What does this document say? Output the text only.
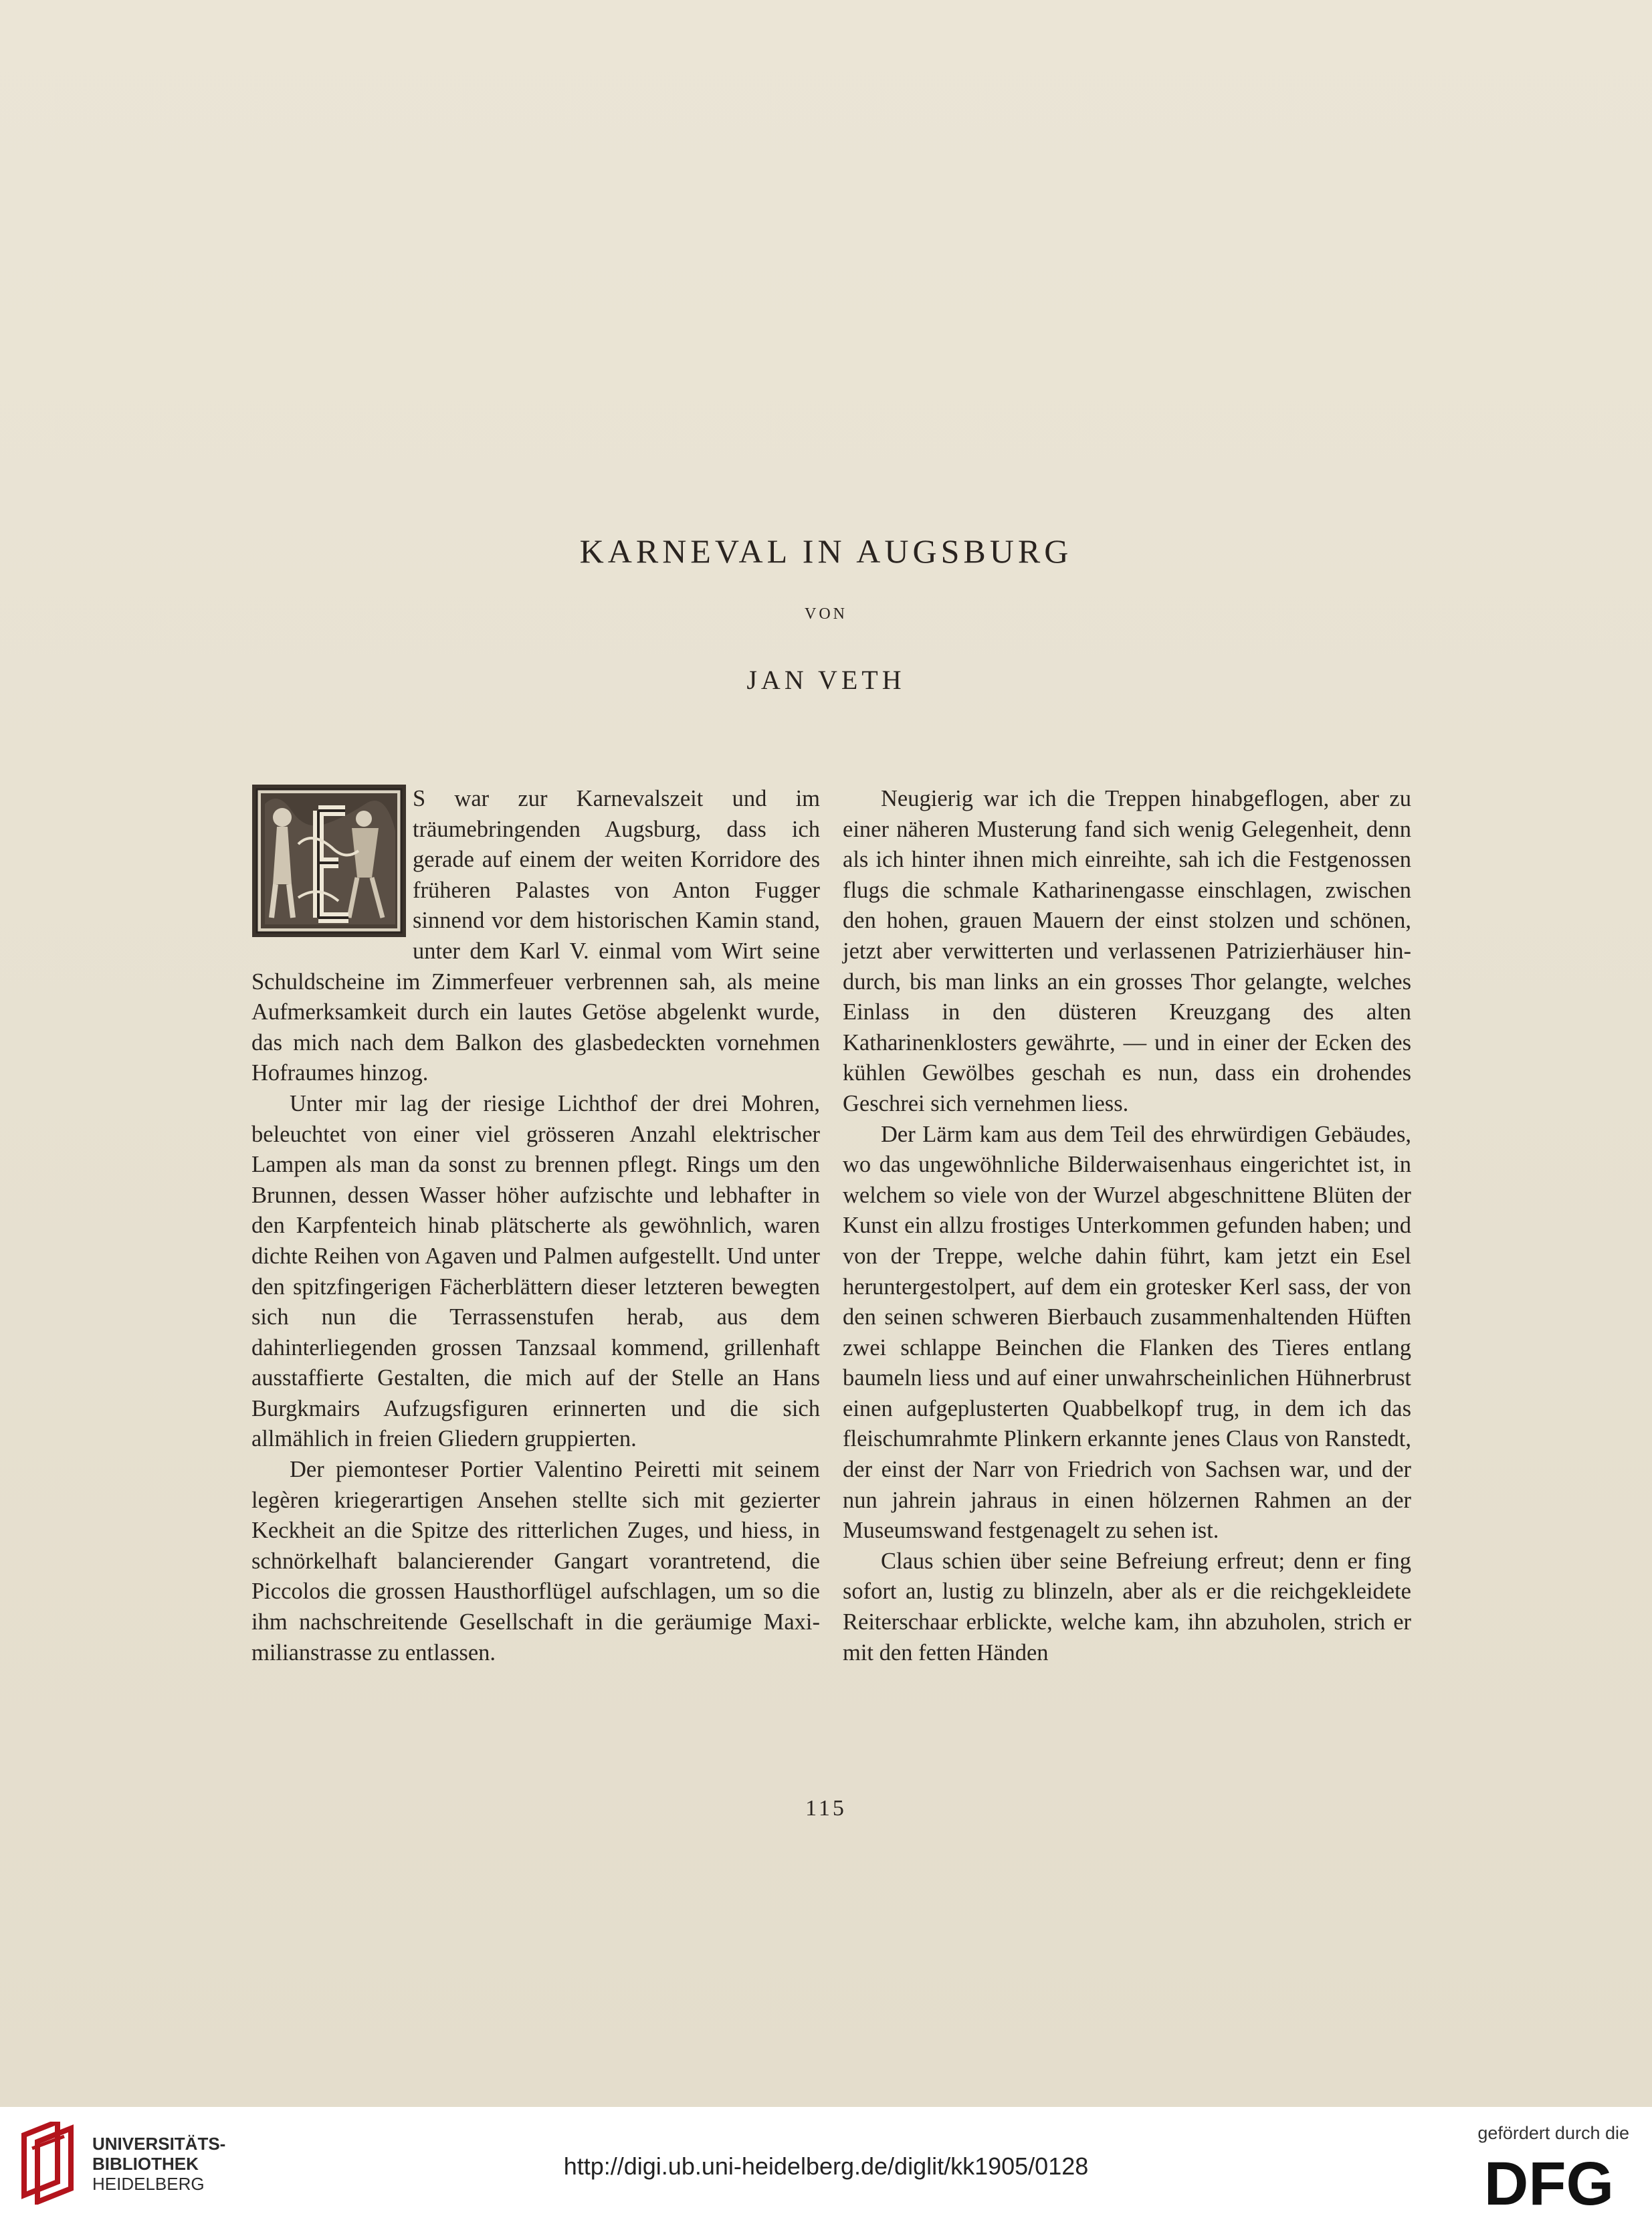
KARNEVAL IN AUGSBURG
VON
JAN VETH

S war zur Karnevalszeit und im träumebringenden Augsburg, dass ich gerade auf einem der weiten Korridore des früheren Palastes von Anton Fugger sinnend vor dem historischen Kamin stand, unter dem Karl V. einmal vom Wirt seine Schuldscheine im Zimmerfeuer verbrennen sah, als meine Aufmerksamkeit durch ein lautes Getöse abgelenkt wurde, das mich nach dem Balkon des glasbedeckten vornehmen Hofraumes hinzog.

Unter mir lag der riesige Lichthof der drei Mohren, beleuchtet von einer viel grösseren Anzahl elektrischer Lampen als man da sonst zu brennen pflegt. Rings um den Brunnen, dessen Wasser höher aufzischte und lebhafter in den Karpfenteich hinab plätscherte als gewöhnlich, waren dichte Reihen von Agaven und Palmen aufgestellt. Und unter den spitzfingerigen Fächerblättern dieser letzteren bewegten sich nun die Terrassenstufen herab, aus dem dahinterliegenden grossen Tanzsaal kommend, grillenhaft ausstaffierte Gestalten, die mich auf der Stelle an Hans Burgkmairs Aufzugsfiguren erinnerten und die sich allmählich in freien Gliedern gruppierten.

Der piemonteser Portier Valentino Peiretti mit seinem legèren kriegerartigen Ansehen stellte sich mit gezierter Keckheit an die Spitze des ritterlichen Zuges, und hiess, in schnörkelhaft balancierender Gangart vorantretend, die Piccolos die grossen Hausthorflügel aufschlagen, um so die ihm nachschreitende Gesellschaft in die geräumige Maximilianstrasse zu entlassen.

Neugierig war ich die Treppen hinabgeflogen, aber zu einer näheren Musterung fand sich wenig Gelegenheit, denn als ich hinter ihnen mich einreihte, sah ich die Festgenossen flugs die schmale Katharinengasse einschlagen, zwischen den hohen, grauen Mauern der einst stolzen und schönen, jetzt aber verwitterten und verlassenen Patrizierhäuser hindurch, bis man links an ein grosses Thor gelangte, welches Einlass in den düsteren Kreuzgang des alten Katharinenklosters gewährte, — und in einer der Ecken des kühlen Gewölbes geschah es nun, dass ein drohendes Geschrei sich vernehmen liess.

Der Lärm kam aus dem Teil des ehrwürdigen Gebäudes, wo das ungewöhnliche Bilderwaisenhaus eingerichtet ist, in welchem so viele von der Wurzel abgeschnittene Blüten der Kunst ein allzu frostiges Unterkommen gefunden haben; und von der Treppe, welche dahin führt, kam jetzt ein Esel heruntergestolpert, auf dem ein grotesker Kerl sass, der von den seinen schweren Bierbauch zusammenhaltenden Hüften zwei schlappe Beinchen die Flanken des Tieres entlang baumeln liess und auf einer unwahrscheinlichen Hühnerbrust einen aufgeplusterten Quabbelkopf trug, in dem ich das fleischumrahmte Plinkern erkannte jenes Claus von Ranstedt, der einst der Narr von Friedrich von Sachsen war, und der nun jahrein jahraus in einen hölzernen Rahmen an der Museumswand festgenagelt zu sehen ist.

Claus schien über seine Befreiung erfreut; denn er fing sofort an, lustig zu blinzeln, aber als er die reichgekleidete Reiterschaar erblickte, welche kam, ihn abzuholen, strich er mit den fetten Händen

115
UNIVERSITÄTS-
BIBLIOTHEK
HEIDELBERG
http://digi.ub.uni-heidelberg.de/diglit/kk1905/0128
gefördert durch die
DFG
